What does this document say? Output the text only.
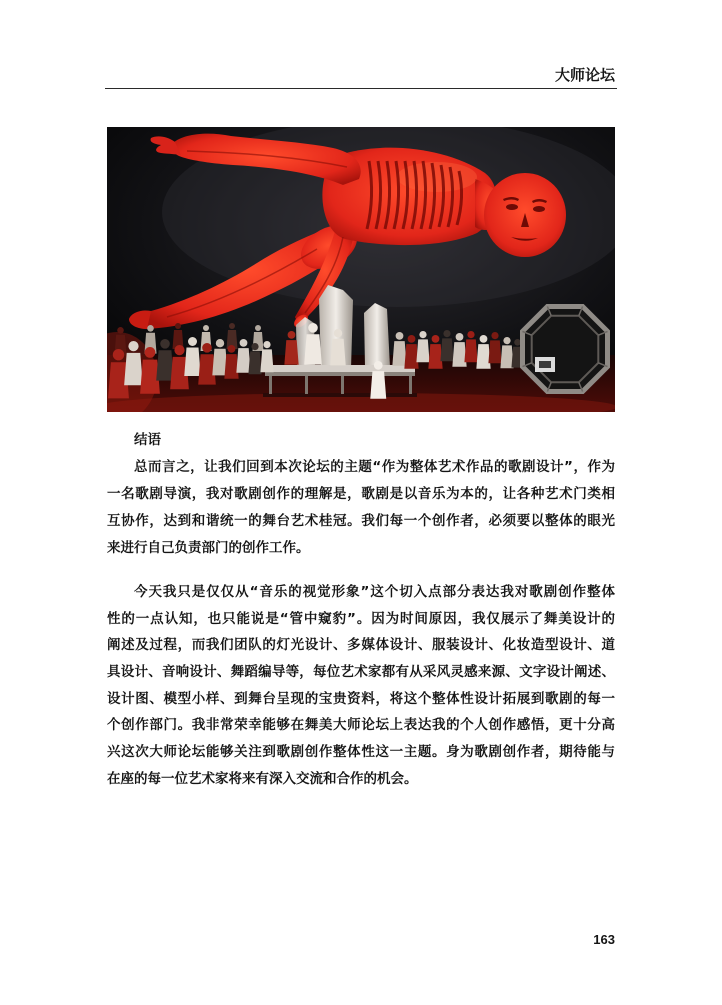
大师论坛
结语
总而言之，让我们回到本次论坛的主题“作为整体艺术作品的歌剧设计”，作为
一名歌剧导演，我对歌剧创作的理解是，歌剧是以音乐为本的，让各种艺术门类相
互协作，达到和谐统一的舞台艺术桂冠。我们每一个创作者，必须要以整体的眼光
来进行自己负责部门的创作工作。
今天我只是仅仅从“音乐的视觉形象”这个切入点部分表达我对歌剧创作整体
性的一点认知，也只能说是“管中窥豹”。因为时间原因，我仅展示了舞美设计的
阐述及过程，而我们团队的灯光设计、多媒体设计、服装设计、化妆造型设计、道
具设计、音响设计、舞蹈编导等，每位艺术家都有从采风灵感来源、文字设计阐述、
设计图、模型小样、到舞台呈现的宝贵资料，将这个整体性设计拓展到歌剧的每一
个创作部门。我非常荣幸能够在舞美大师论坛上表达我的个人创作感悟，更十分高
兴这次大师论坛能够关注到歌剧创作整体性这一主题。身为歌剧创作者，期待能与
在座的每一位艺术家将来有深入交流和合作的机会。
163
